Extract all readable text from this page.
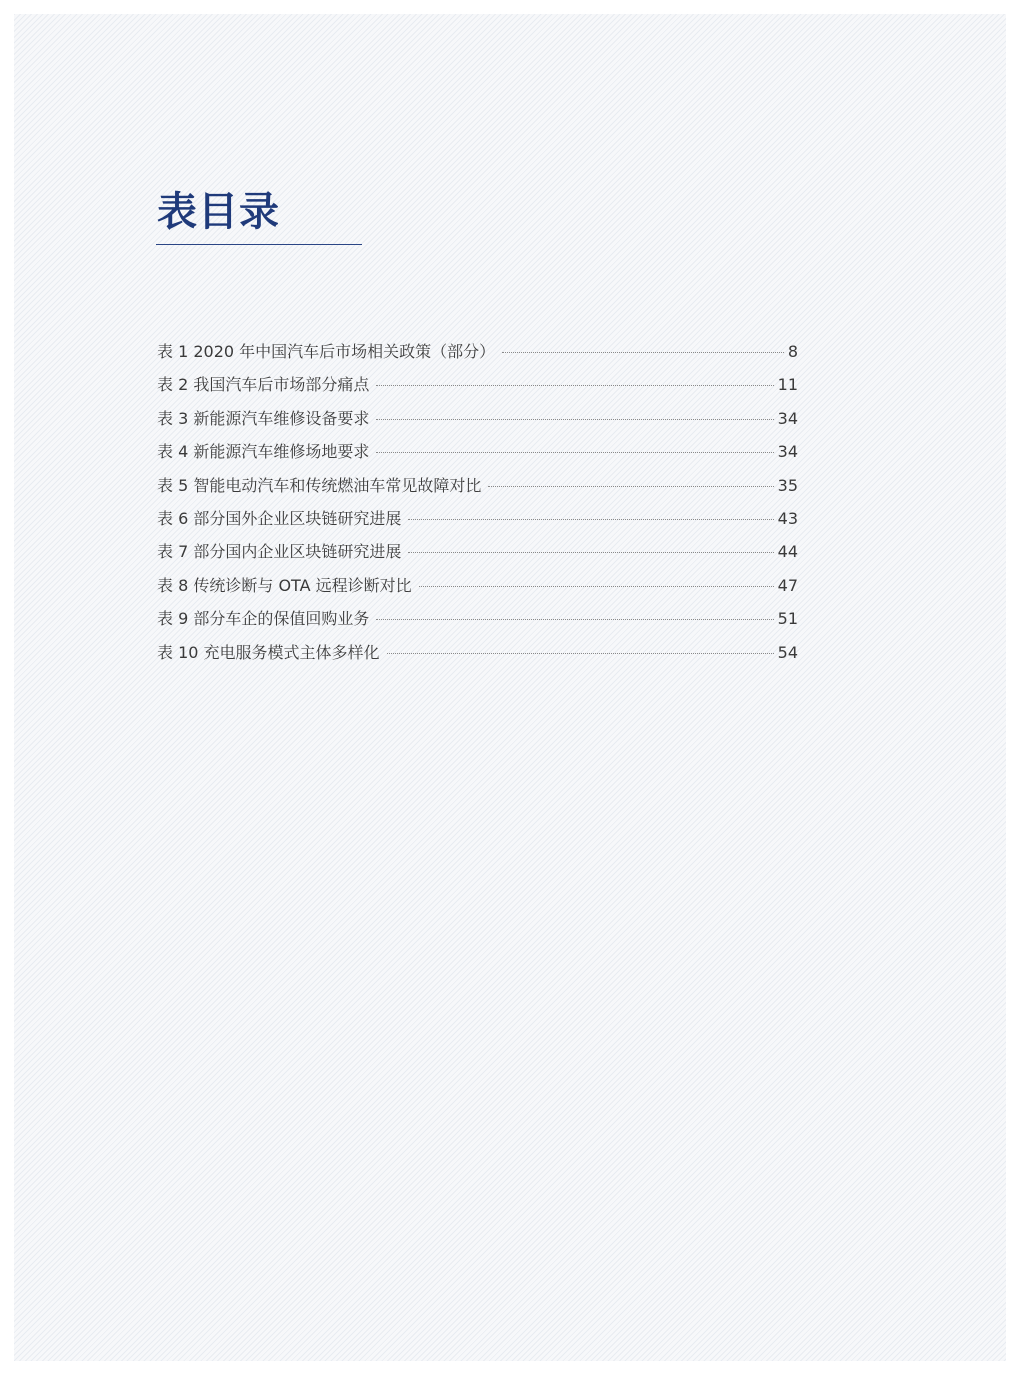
表目录
表 1 2020 年中国汽车后市场相关政策（部分）	8
表 2 我国汽车后市场部分痛点	11
表 3 新能源汽车维修设备要求	34
表 4 新能源汽车维修场地要求	34
表 5 智能电动汽车和传统燃油车常见故障对比	35
表 6 部分国外企业区块链研究进展	43
表 7 部分国内企业区块链研究进展	44
表 8 传统诊断与 OTA 远程诊断对比	47
表 9 部分车企的保值回购业务	51
表 10 充电服务模式主体多样化	54
